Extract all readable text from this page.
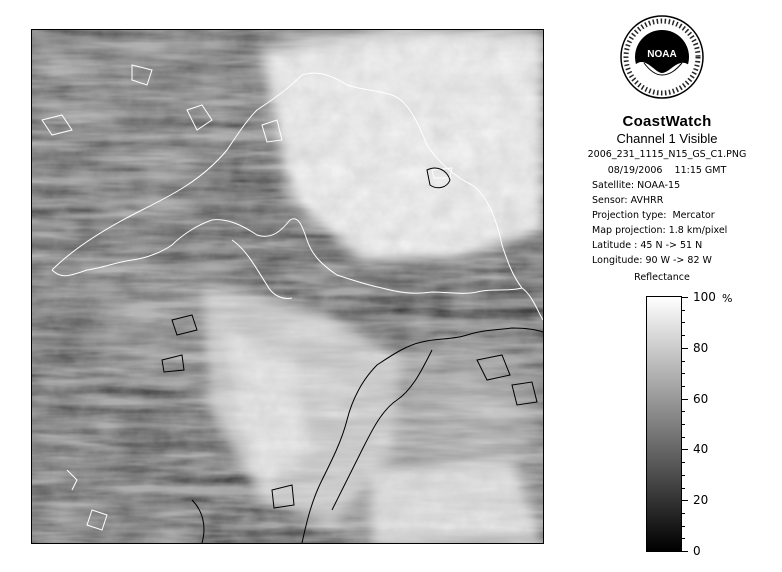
NOAA
CoastWatch
Channel 1 Visible
2006_231_1115_N15_GS_C1.PNG
08/19/2006    11:15 GMT
Satellite: NOAA-15
Sensor: AVHRR
Projection type:  Mercator
Map projection: 1.8 km/pixel
Latitude : 45 N -> 51 N
Longitude: 90 W -> 82 W
Reflectance
%
100
80
60
40
20
0
